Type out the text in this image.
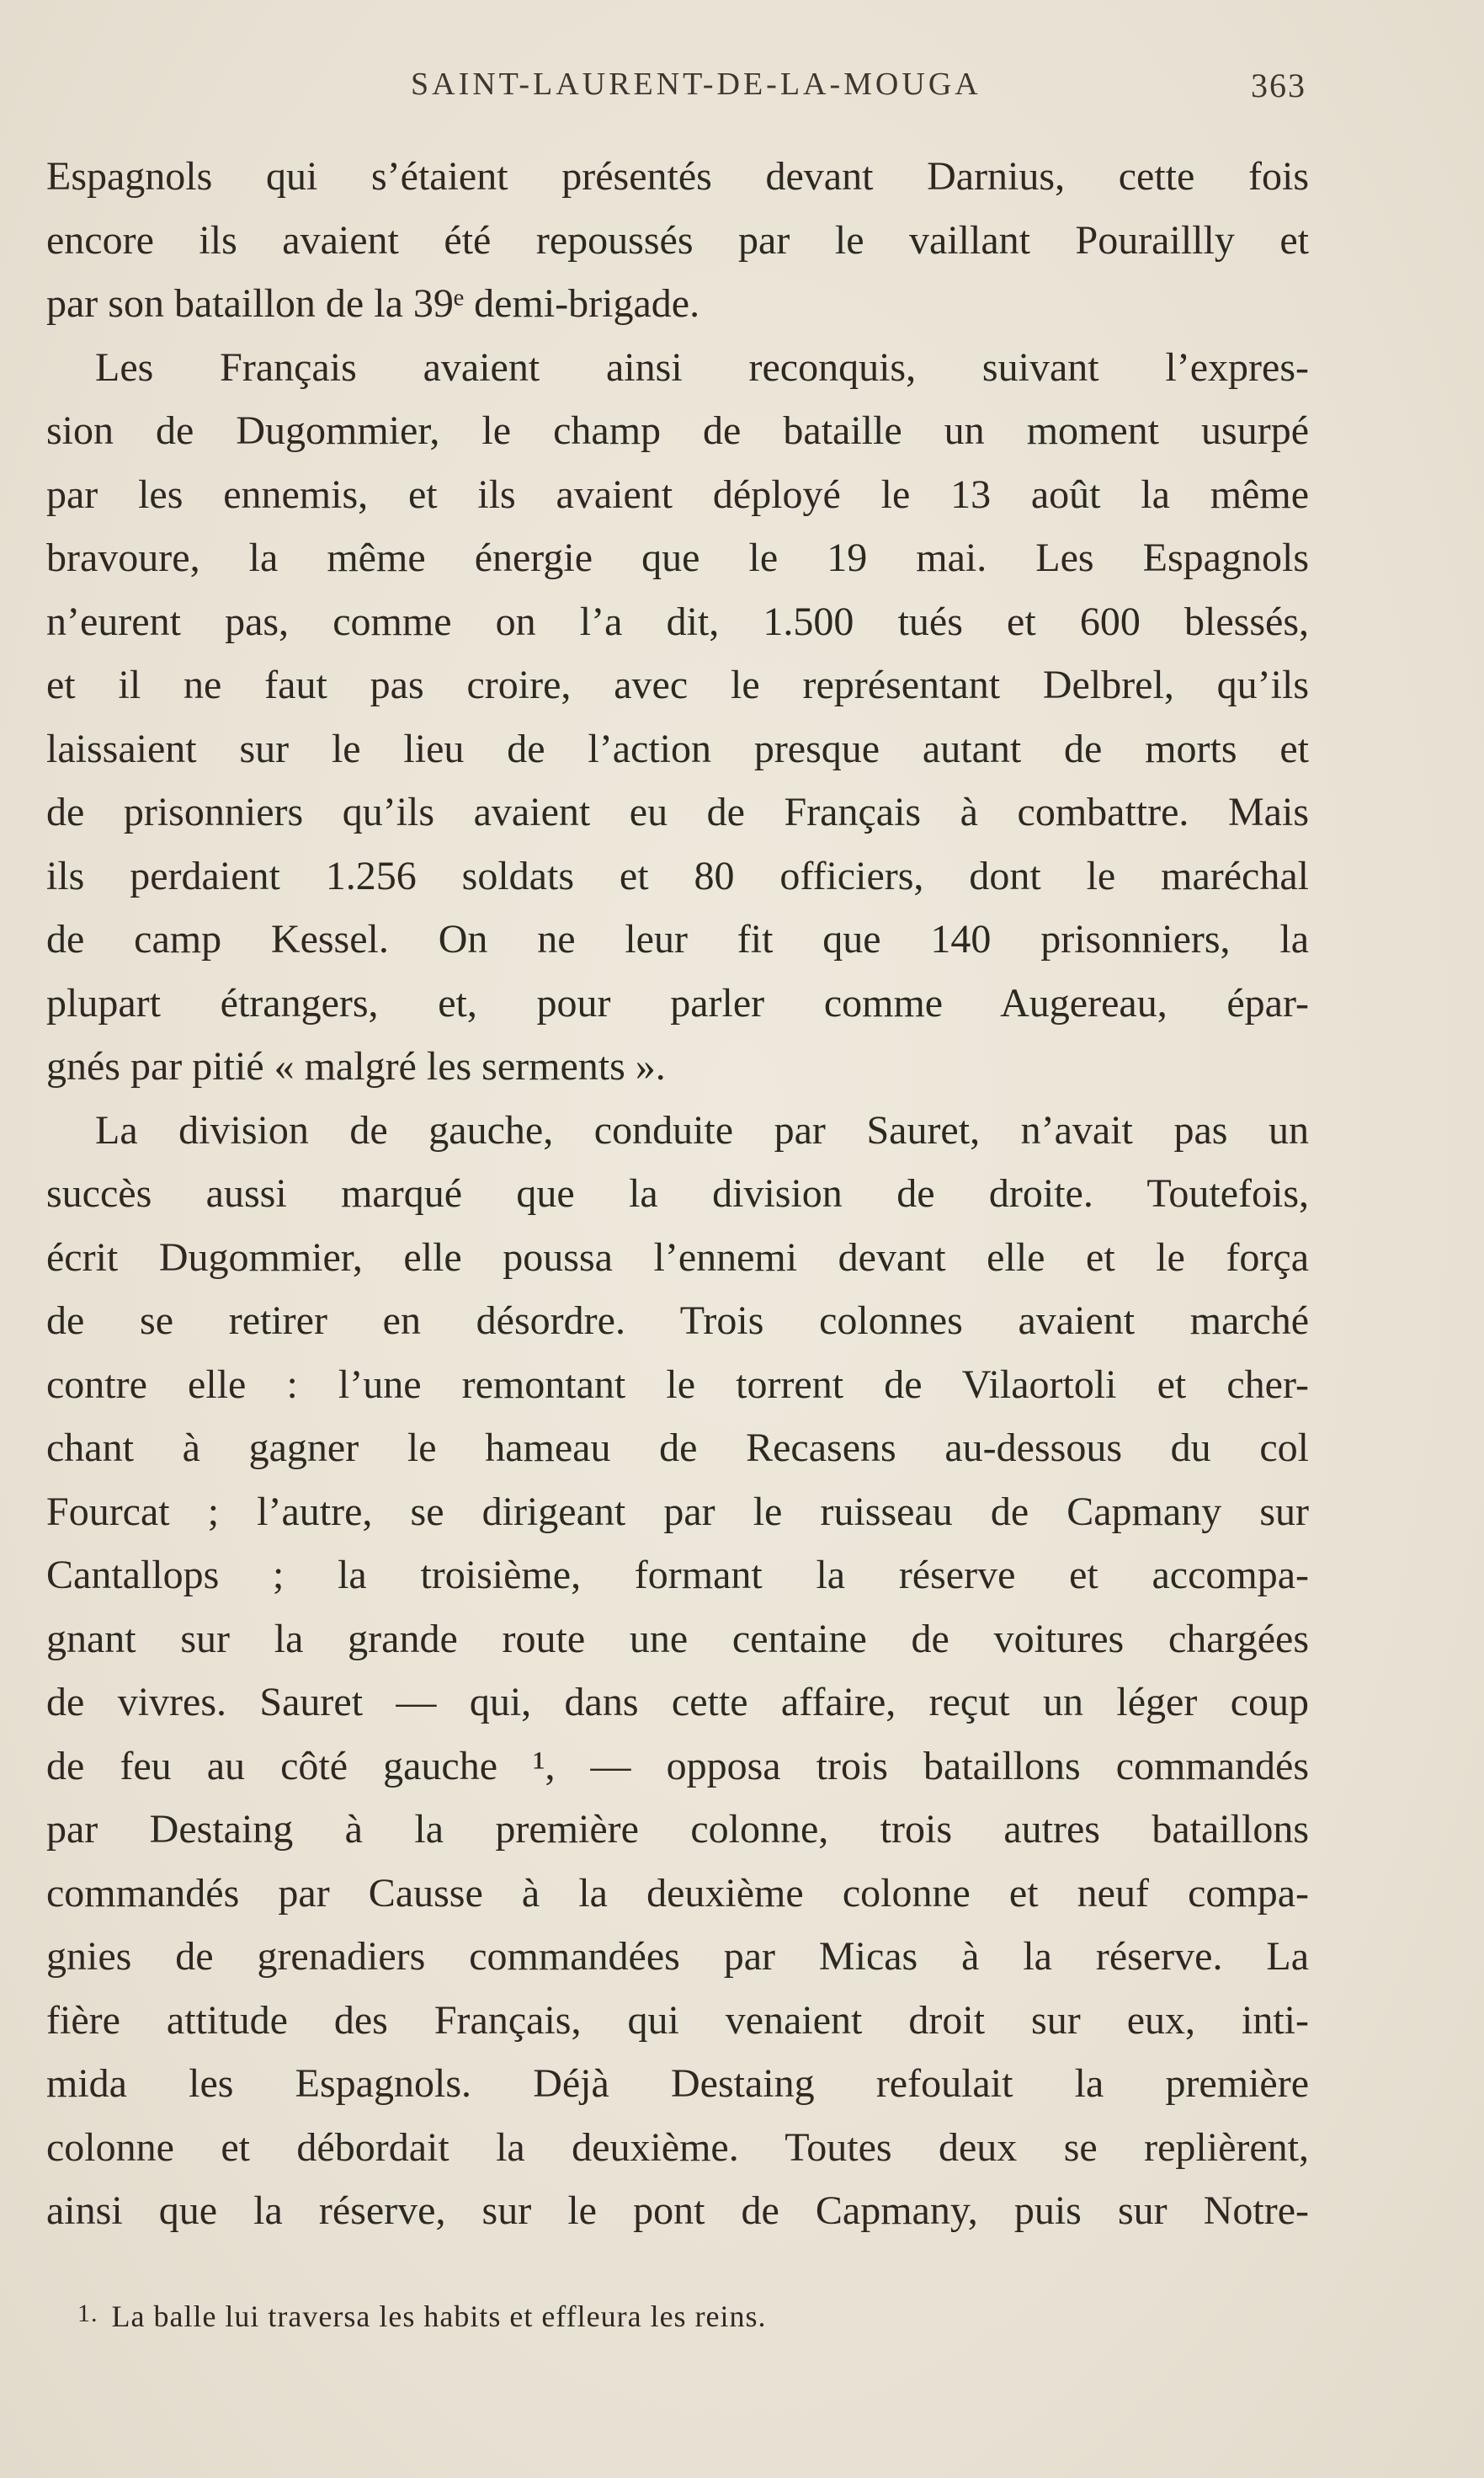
SAINT-LAURENT-DE-LA-MOUGA	363
Espagnols qui s’étaient présentés devant Darnius, cette fois
encore ils avaient été repoussés par le vaillant Pouraillly et
par son bataillon de la 39ᵉ demi-brigade.
Les Français avaient ainsi reconquis, suivant l’expres-
sion de Dugommier, le champ de bataille un moment usurpé
par les ennemis, et ils avaient déployé le 13 août la même
bravoure, la même énergie que le 19 mai. Les Espagnols
n’eurent pas, comme on l’a dit, 1.500 tués et 600 blessés,
et il ne faut pas croire, avec le représentant Delbrel, qu’ils
laissaient sur le lieu de l’action presque autant de morts et
de prisonniers qu’ils avaient eu de Français à combattre. Mais
ils perdaient 1.256 soldats et 80 officiers, dont le maréchal
de camp Kessel. On ne leur fit que 140 prisonniers, la
plupart étrangers, et, pour parler comme Augereau, épar-
gnés par pitié « malgré les serments ».
La division de gauche, conduite par Sauret, n’avait pas un
succès aussi marqué que la division de droite. Toutefois,
écrit Dugommier, elle poussa l’ennemi devant elle et le força
de se retirer en désordre. Trois colonnes avaient marché
contre elle : l’une remontant le torrent de Vilaortoli et cher-
chant à gagner le hameau de Recasens au-dessous du col
Fourcat ; l’autre, se dirigeant par le ruisseau de Capmany sur
Cantallops ; la troisième, formant la réserve et accompa-
gnant sur la grande route une centaine de voitures chargées
de vivres. Sauret — qui, dans cette affaire, reçut un léger coup
de feu au côté gauche ¹, — opposa trois bataillons commandés
par Destaing à la première colonne, trois autres bataillons
commandés par Causse à la deuxième colonne et neuf compa-
gnies de grenadiers commandées par Micas à la réserve. La
fière attitude des Français, qui venaient droit sur eux, inti-
mida les Espagnols. Déjà Destaing refoulait la première
colonne et débordait la deuxième. Toutes deux se replièrent,
ainsi que la réserve, sur le pont de Capmany, puis sur Notre-
1. La balle lui traversa les habits et effleura les reins.
